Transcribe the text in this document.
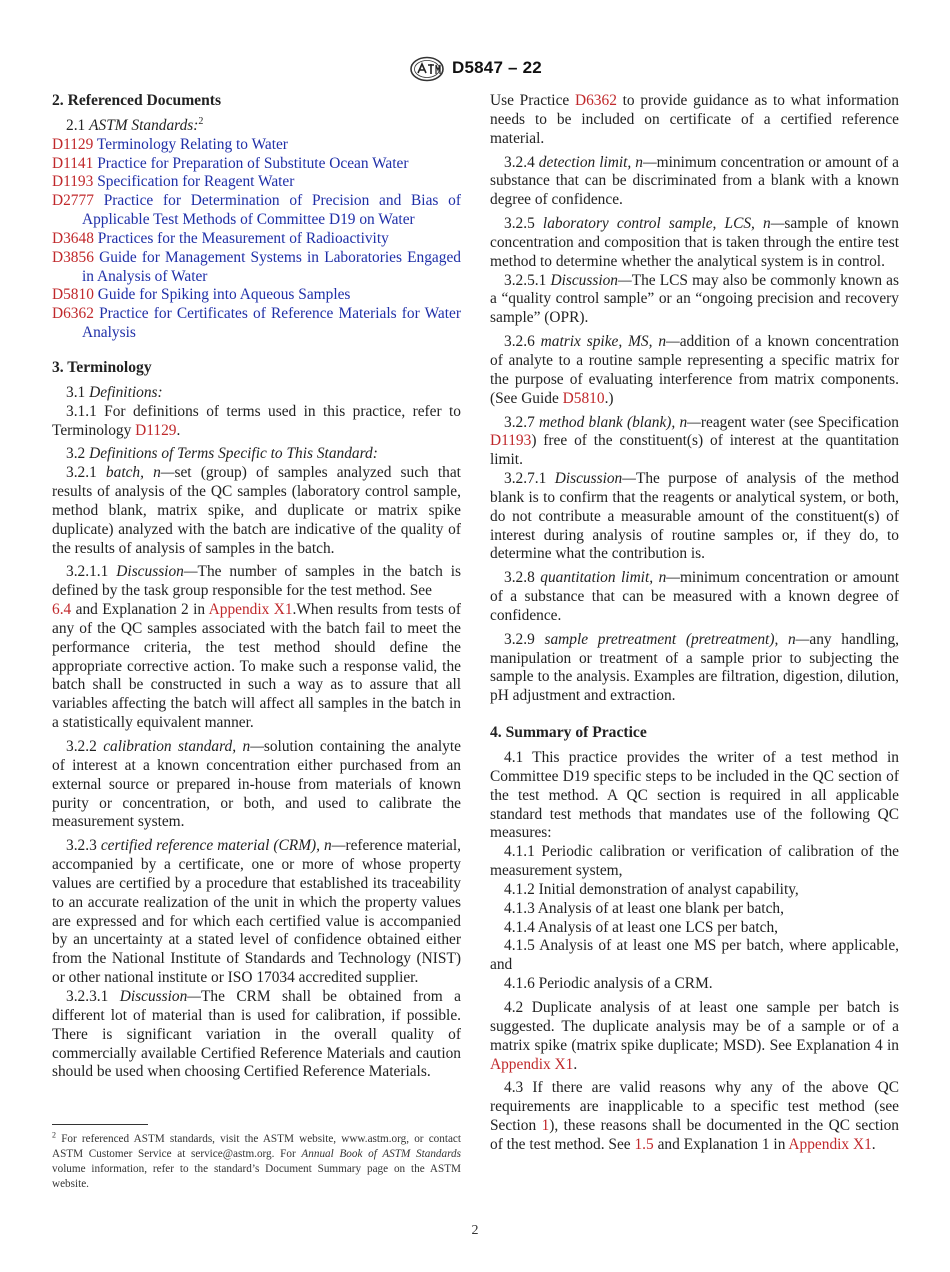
D5847 – 22

2. Referenced Documents

2.1 ASTM Standards:$^2$

D1129 Terminology Relating to Water

D1141 Practice for Preparation of Substitute Ocean Water

D1193 Specification for Reagent Water

D2777 Practice for Determination of Precision and Bias of Applicable Test Methods of Committee D19 on Water

D3648 Practices for the Measurement of Radioactivity

D3856 Guide for Management Systems in Laboratories Engaged in Analysis of Water

D5810 Guide for Spiking into Aqueous Samples

D6362 Practice for Certificates of Reference Materials for Water Analysis

3. Terminology

3.1 Definitions:

3.1.1 For definitions of terms used in this practice, refer to Terminology D1129.

3.2 Definitions of Terms Specific to This Standard:

3.2.1 batch, n—set (group) of samples analyzed such that results of analysis of the QC samples (laboratory control sample, method blank, matrix spike, and duplicate or matrix spike duplicate) analyzed with the batch are indicative of the quality of the results of analysis of samples in the batch.

3.2.1.1 Discussion—The number of samples in the batch is defined by the task group responsible for the test method. See
6.4 and Explanation 2 in Appendix X1.When results from tests of any of the QC samples associated with the batch fail to meet the performance criteria, the test method should define the appropriate corrective action. To make such a response valid, the batch shall be constructed in such a way as to assure that all variables affecting the batch will affect all samples in the batch in a statistically equivalent manner.

3.2.2 calibration standard, n—solution containing the analyte of interest at a known concentration either purchased from an external source or prepared in-house from materials of known purity or concentration, or both, and used to calibrate the measurement system.

3.2.3 certified reference material (CRM), n—reference material, accompanied by a certificate, one or more of whose property values are certified by a procedure that established its traceability to an accurate realization of the unit in which the property values are expressed and for which each certified value is accompanied by an uncertainty at a stated level of confidence obtained either from the National Institute of Standards and Technology (NIST) or other national institute or ISO 17034 accredited supplier.

3.2.3.1 Discussion—The CRM shall be obtained from a different lot of material than is used for calibration, if possible. There is significant variation in the overall quality of commercially available Certified Reference Materials and caution should be used when choosing Certified Reference Materials.

$^2$ For referenced ASTM standards, visit the ASTM website, www.astm.org, or contact ASTM Customer Service at service@astm.org. For Annual Book of ASTM Standards volume information, refer to the standard’s Document Summary page on the ASTM website.

Use Practice D6362 to provide guidance as to what information needs to be included on certificate of a certified reference material.

3.2.4 detection limit, n—minimum concentration or amount of a substance that can be discriminated from a blank with a known degree of confidence.

3.2.5 laboratory control sample, LCS, n—sample of known concentration and composition that is taken through the entire test method to determine whether the analytical system is in control.

3.2.5.1 Discussion—The LCS may also be commonly known as a “quality control sample” or an “ongoing precision and recovery sample” (OPR).

3.2.6 matrix spike, MS, n—addition of a known concentration of analyte to a routine sample representing a specific matrix for the purpose of evaluating interference from matrix components. (See Guide D5810.)

3.2.7 method blank (blank), n—reagent water (see Specification D1193) free of the constituent(s) of interest at the quantitation limit.

3.2.7.1 Discussion—The purpose of analysis of the method blank is to confirm that the reagents or analytical system, or both, do not contribute a measurable amount of the constituent(s) of interest during analysis of routine samples or, if they do, to determine what the contribution is.

3.2.8 quantitation limit, n—minimum concentration or amount of a substance that can be measured with a known degree of confidence.

3.2.9 sample pretreatment (pretreatment), n—any handling, manipulation or treatment of a sample prior to subjecting the sample to the analysis. Examples are filtration, digestion, dilution, pH adjustment and extraction.

4. Summary of Practice

4.1 This practice provides the writer of a test method in Committee D19 specific steps to be included in the QC section of the test method. A QC section is required in all applicable standard test methods that mandates use of the following QC measures:

4.1.1 Periodic calibration or verification of calibration of the measurement system,

4.1.2 Initial demonstration of analyst capability,

4.1.3 Analysis of at least one blank per batch,

4.1.4 Analysis of at least one LCS per batch,

4.1.5 Analysis of at least one MS per batch, where applicable, and

4.1.6 Periodic analysis of a CRM.

4.2 Duplicate analysis of at least one sample per batch is suggested. The duplicate analysis may be of a sample or of a matrix spike (matrix spike duplicate; MSD). See Explanation 4 in Appendix X1.

4.3 If there are valid reasons why any of the above QC requirements are inapplicable to a specific test method (see Section 1), these reasons shall be documented in the QC section of the test method. See 1.5 and Explanation 1 in Appendix X1.

2
